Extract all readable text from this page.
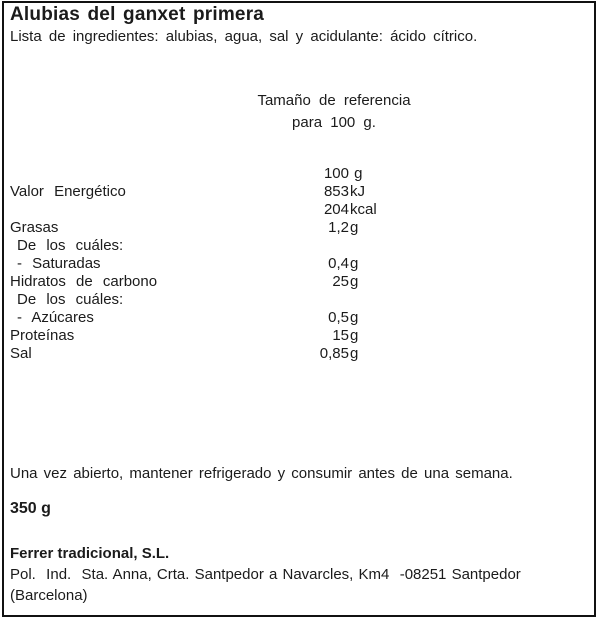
Alubias del ganxet primera
Lista de ingredientes: alubias, agua, sal y acidulante: ácido cítrico.
Tamaño de referencia
para 100 g.
100 g
Valor Energético	853 kJ
204 kcal
Grasas	1,2 g
De los cuáles:
- Saturadas	0,4 g
Hidratos de carbono	25 g
De los cuáles:
- Azúcares	0,5 g
Proteínas	15 g
Sal	0,85 g
Una vez abierto, mantener refrigerado y consumir antes de una semana.
350 g
Ferrer tradicional, S.L.
Pol.  Ind.  Sta. Anna, Crta. Santpedor a Navarcles, Km4  -08251 Santpedor
(Barcelona)
